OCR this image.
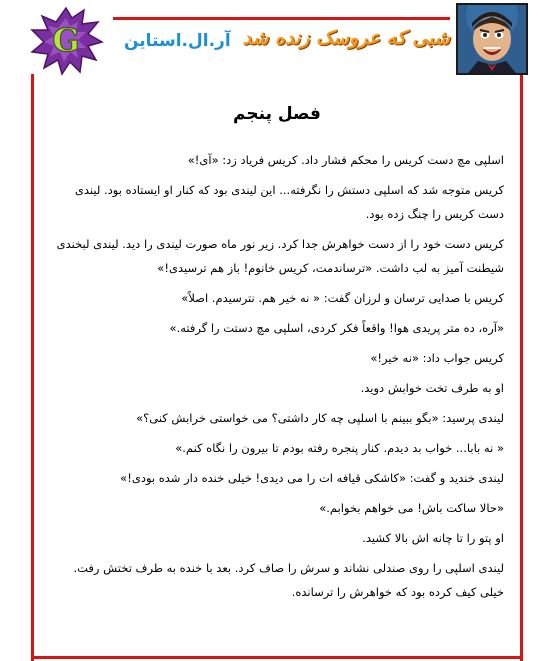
G	شبی که عروسک زنده شد
آر.ال.استاین
فصل پنجم

اسلپی مچ دست کریس را محکم فشار داد. کریس فریاد زد: «آی!»

کریس متوجه شد که اسلپی دستش را نگرفته... این لیندی بود که کنار او ایستاده بود. لیندی دست کریس را چنگ زده بود.

کریس دست خود را از دست خواهرش جدا کرد. زیر نور ماه صورت لیندی را دید. لیندی لبخندی شیطنت آمیز به لب داشت. «ترساندمت، کریس خانوم! باز هم ترسیدی!»

کریس با صدایی ترسان و لرزان گفت: « نه خیر هم. نترسیدم. اصلاً»

«آره، ده متر پریدی هوا! واقعاً فکر کردی، اسلپی مچ دستت را گرفته.»

کریس جواب داد: «نه خیر!»

او به طرف تخت خوابش دوید.

لیندی پرسید: «بگو ببینم با اسلپی چه کار داشتی؟ می خواستی خرابش کنی؟»

« نه بابا... خواب بد دیدم. کنار پنجره رفته بودم تا بیرون را نگاه کنم.»

لیندی خندید و گفت: «کاشکی قیافه ات را می دیدی! خیلی خنده دار شده بودی!»

«حالا ساکت باش! می خواهم بخوابم.»

او پتو را تا چانه اش بالا کشید.

لیندی اسلپی را روی صندلی نشاند و سرش را صاف کرد. بعد با خنده به طرف تختش رفت. خیلی کیف کرده بود که خواهرش را ترسانده.
